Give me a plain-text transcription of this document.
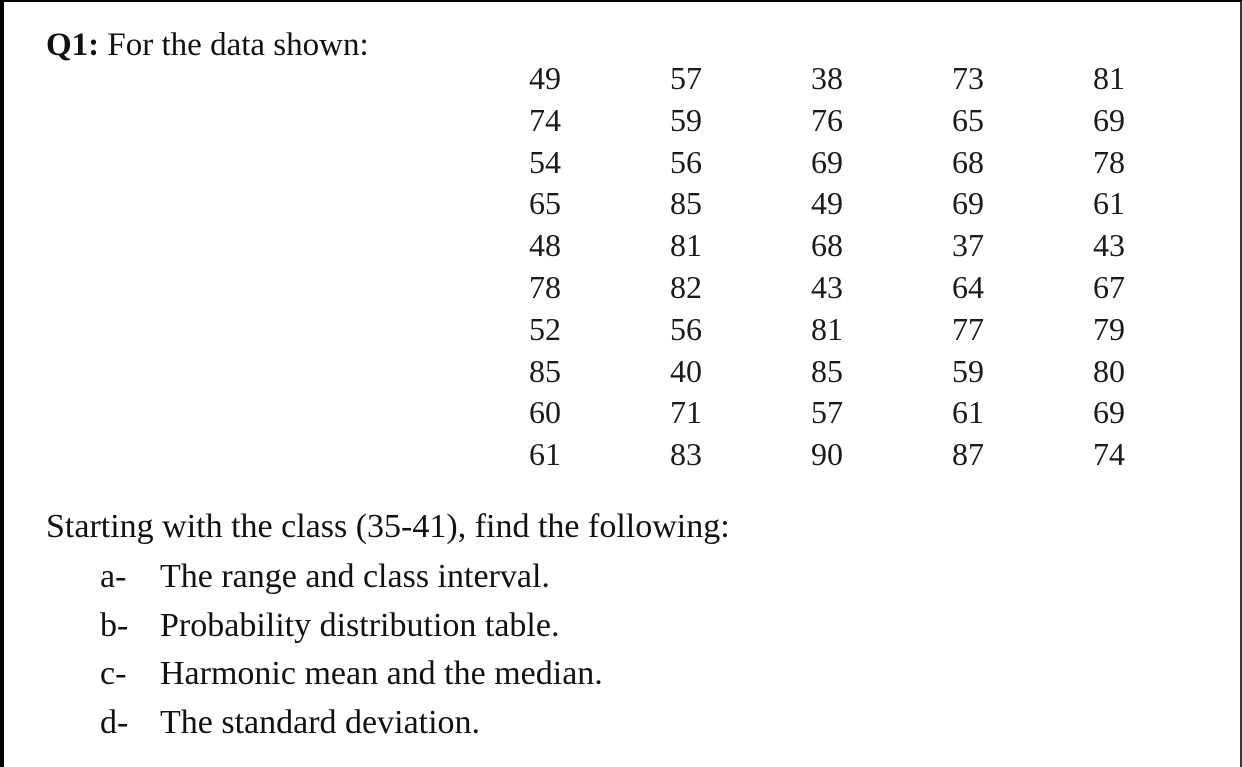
Q1: For the data shown:
49	57	38	73	81
74	59	76	65	69
54	56	69	68	78
65	85	49	69	61
48	81	68	37	43
78	82	43	64	67
52	56	81	77	79
85	40	85	59	80
60	71	57	61	69
61	83	90	87	74
Starting with the class (35-41), find the following:
a- The range and class interval.
b- Probability distribution table.
c- Harmonic mean and the median.
d- The standard deviation.
